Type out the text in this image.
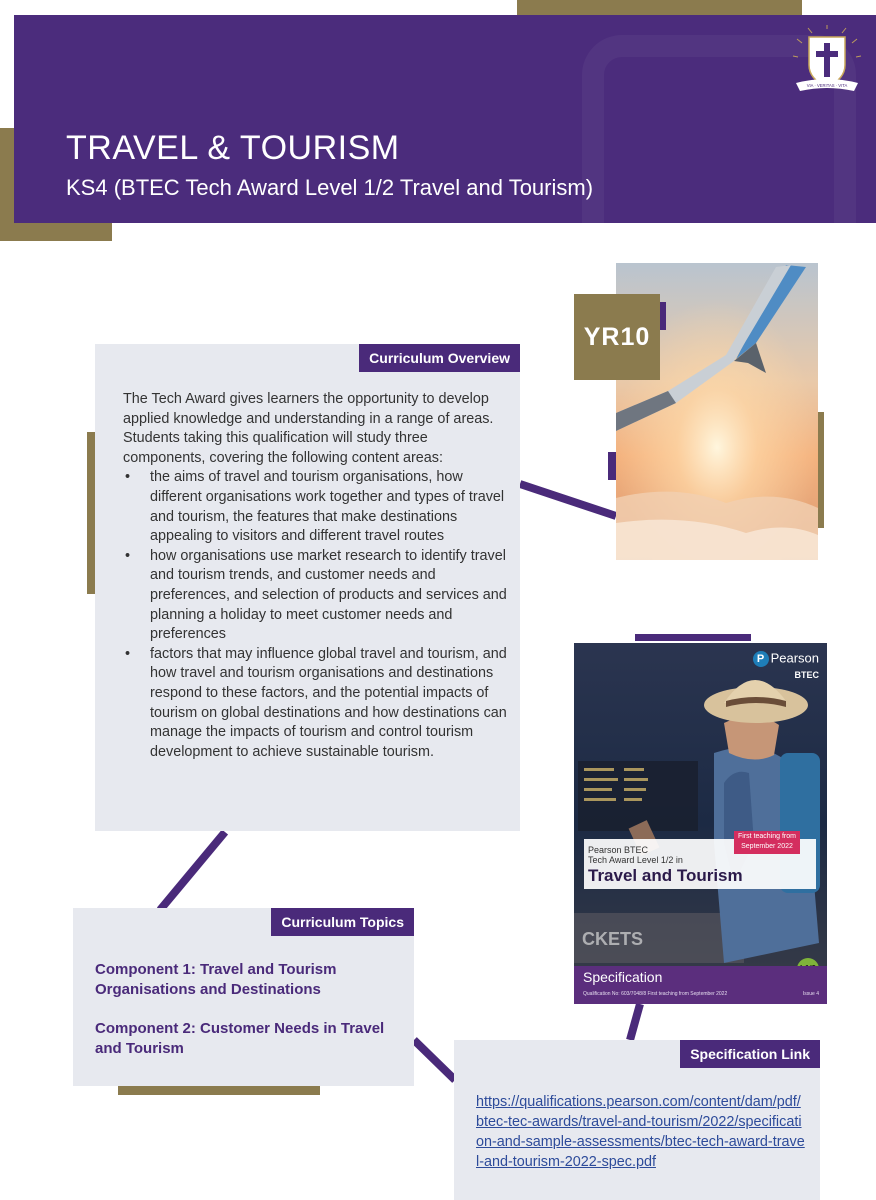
TRAVEL & TOURISM
KS4 (BTEC Tech Award Level 1/2 Travel and Tourism)
VIA · VERITAS · VITA
Curriculum Overview
The Tech Award gives learners the opportunity to develop applied knowledge and understanding in a range of areas. Students taking this qualification will study three components, covering the following content areas:
• the aims of travel and tourism organisations, how different organisations work together and types of travel and tourism, the features that make destinations appealing to visitors and different travel routes
• how organisations use market research to identify travel and tourism trends, and customer needs and preferences, and selection of products and services and planning a holiday to meet customer needs and preferences
• factors that may influence global travel and tourism, and how travel and tourism organisations and destinations respond to these factors, and the potential impacts of tourism on global destinations and how destinations can manage the impacts of tourism and control tourism development to achieve sustainable tourism.
YR10
CKETS
P Pearson
BTEC
Pearson BTEC
Tech Award Level 1/2 in
Travel and Tourism
First teaching from September 2022
Specification
Qualification No: 603/7048/8 First teaching from September 2022	Issue 4
Curriculum Topics

Component 1: Travel and Tourism Organisations and Destinations

Component 2: Customer Needs in Travel and Tourism	Specification Link
https://qualifications.pearson.com/content/dam/pdf/btec-tec-awards/travel-and-tourism/2022/specification-and-sample-assessments/btec-tech-award-travel-and-tourism-2022-spec.pdf
